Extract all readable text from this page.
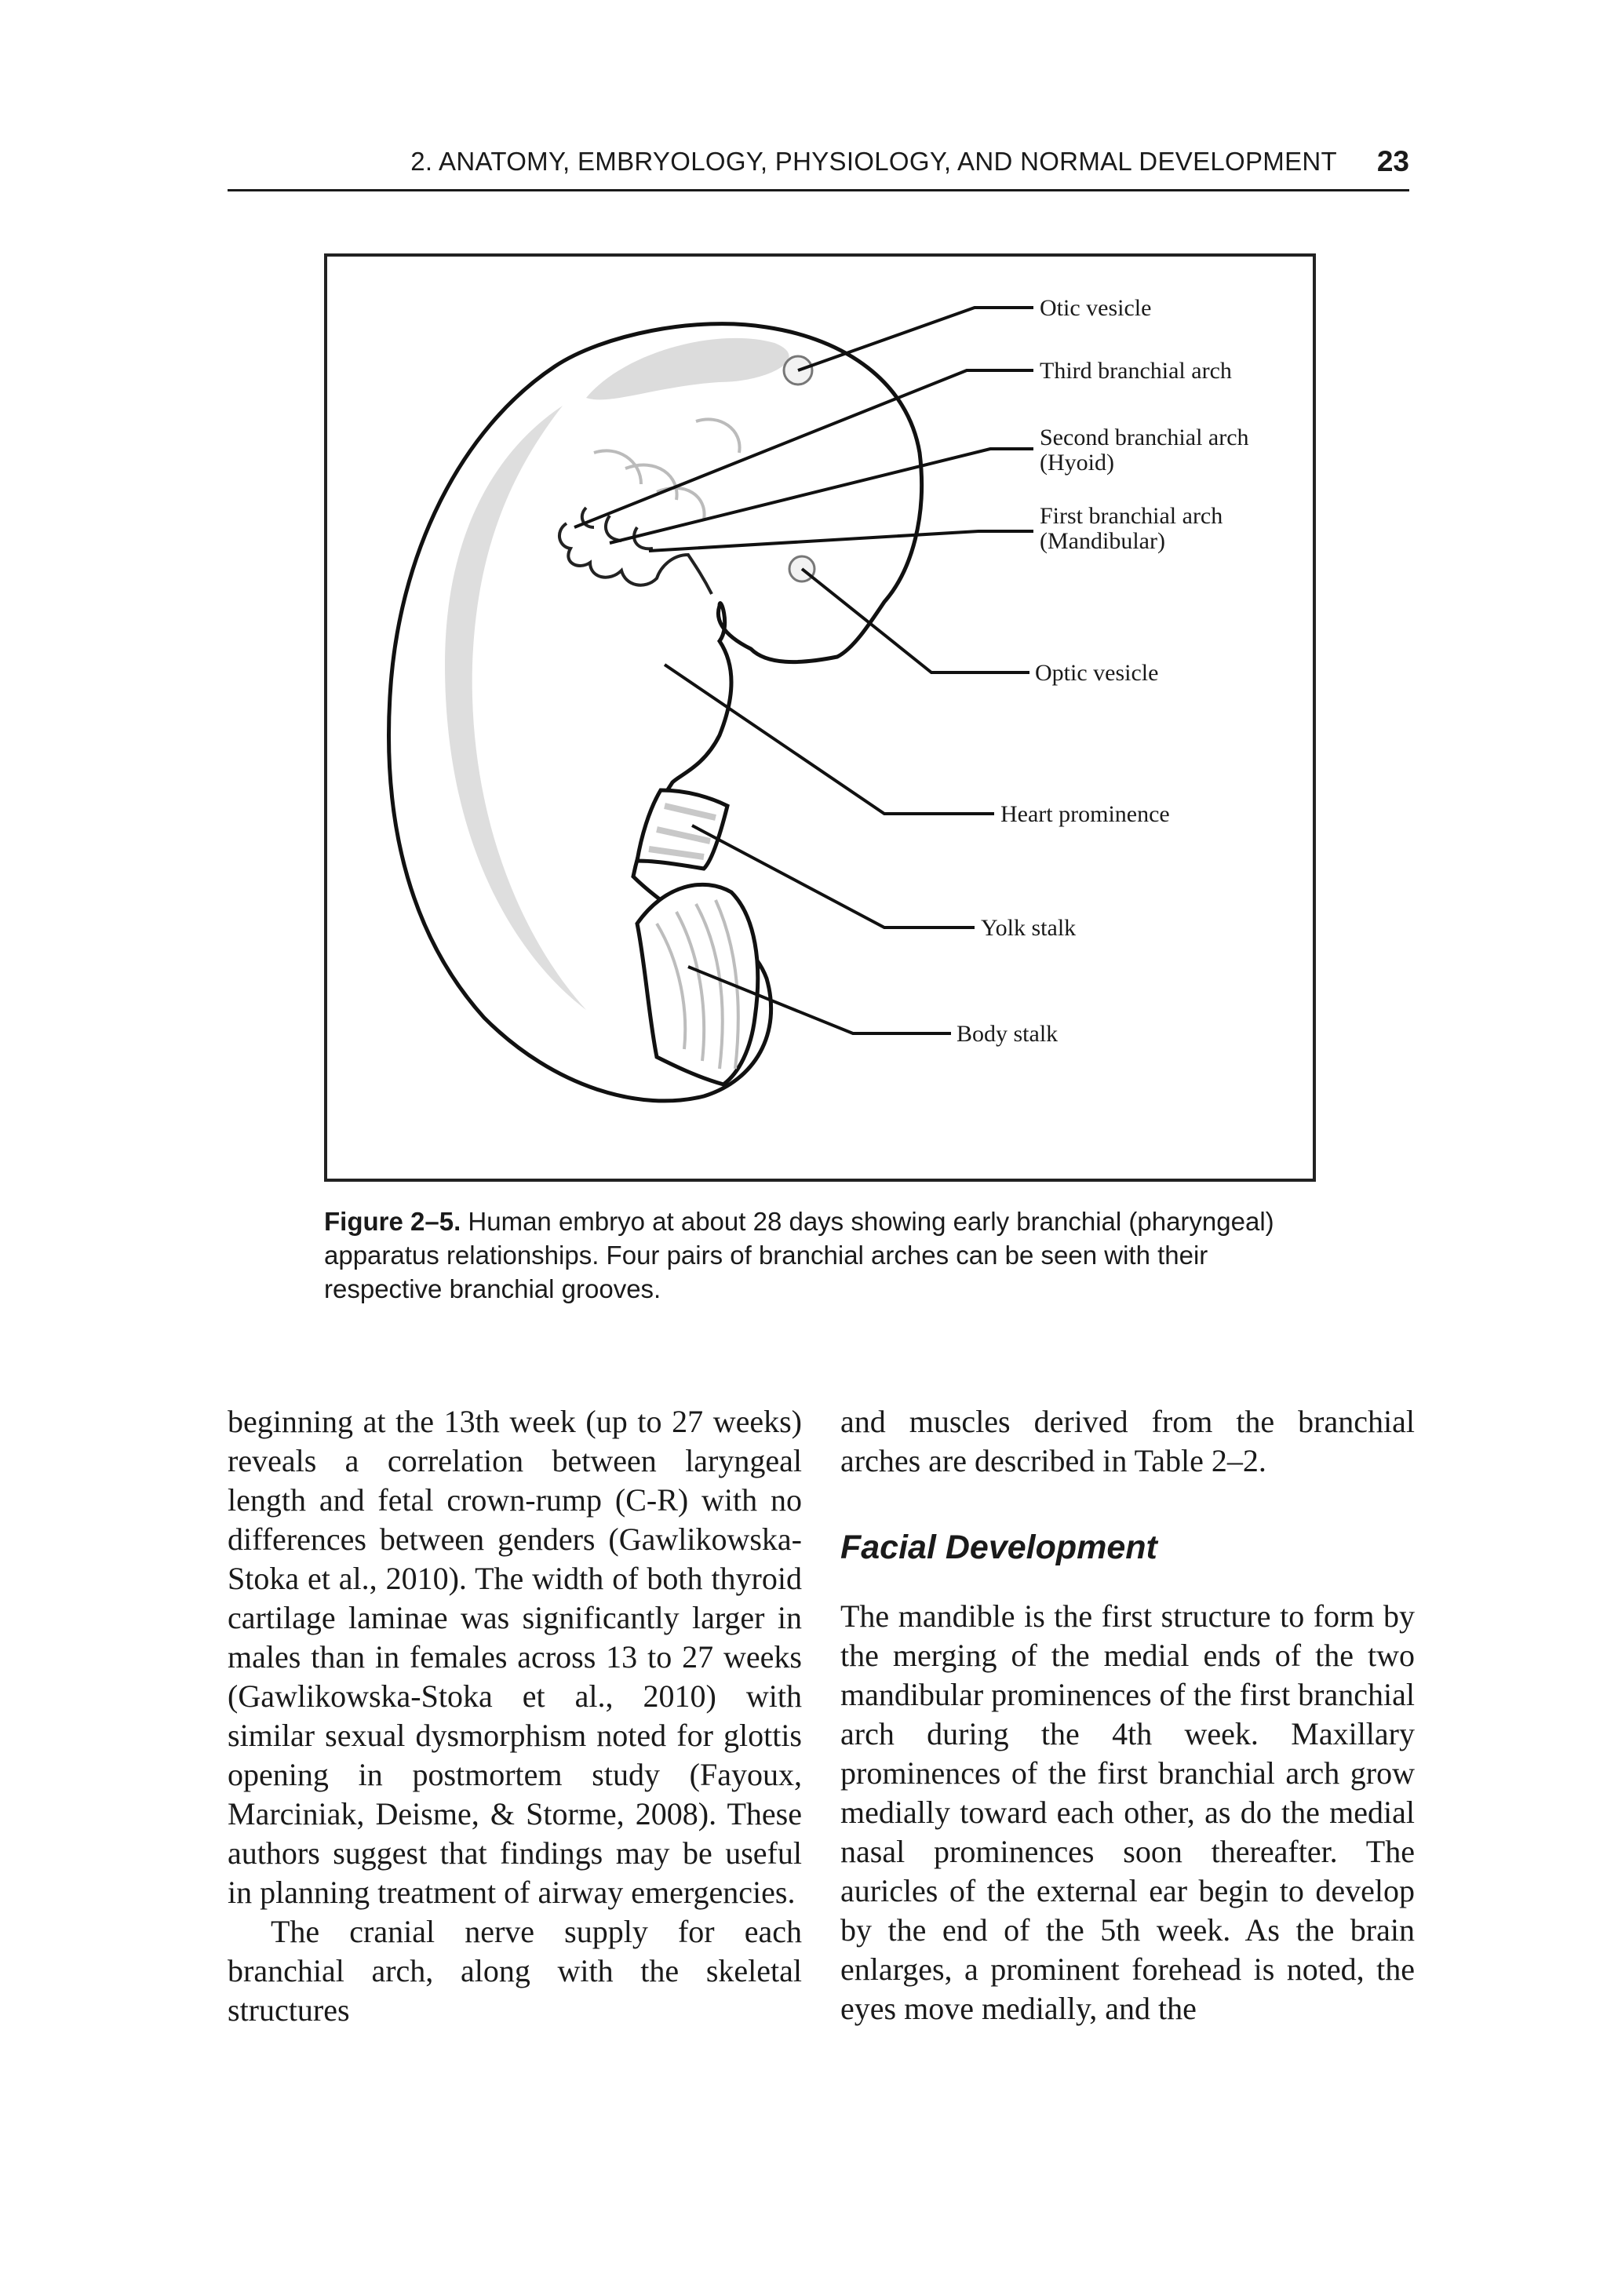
2. ANATOMY, EMBRYOLOGY, PHYSIOLOGY, AND NORMAL DEVELOPMENT 23
Otic vesicle
Third branchial arch
Second branchial arch
(Hyoid)
First branchial arch
(Mandibular)
Optic vesicle
Heart prominence
Yolk stalk
Body stalk
Figure 2–5. Human embryo at about 28 days showing early branchial (pharyngeal) apparatus relationships. Four pairs of branchial arches can be seen with their respective branchial grooves.

beginning at the 13th week (up to 27 weeks) reveals a correlation between laryngeal length and fetal crown-rump (C-R) with no differences between genders (Gawlikowska-Stoka et al., 2010). The width of both thyroid cartilage laminae was significantly larger in males than in females across 13 to 27 weeks (Gawlikowska-Stoka et al., 2010) with similar sexual dysmorphism noted for glottis opening in postmortem study (Fayoux, Marciniak, Deisme, & Storme, 2008). These authors suggest that findings may be useful in planning treatment of airway emergencies.

The cranial nerve supply for each branchial arch, along with the skeletal structures

and muscles derived from the branchial arches are described in Table 2–2.

Facial Development

The mandible is the first structure to form by the merging of the medial ends of the two mandibular prominences of the first branchial arch during the 4th week. Maxillary prominences of the first branchial arch grow medially toward each other, as do the medial nasal prominences soon thereafter. The auricles of the external ear begin to develop by the end of the 5th week. As the brain enlarges, a prominent forehead is noted, the eyes move medially, and the
